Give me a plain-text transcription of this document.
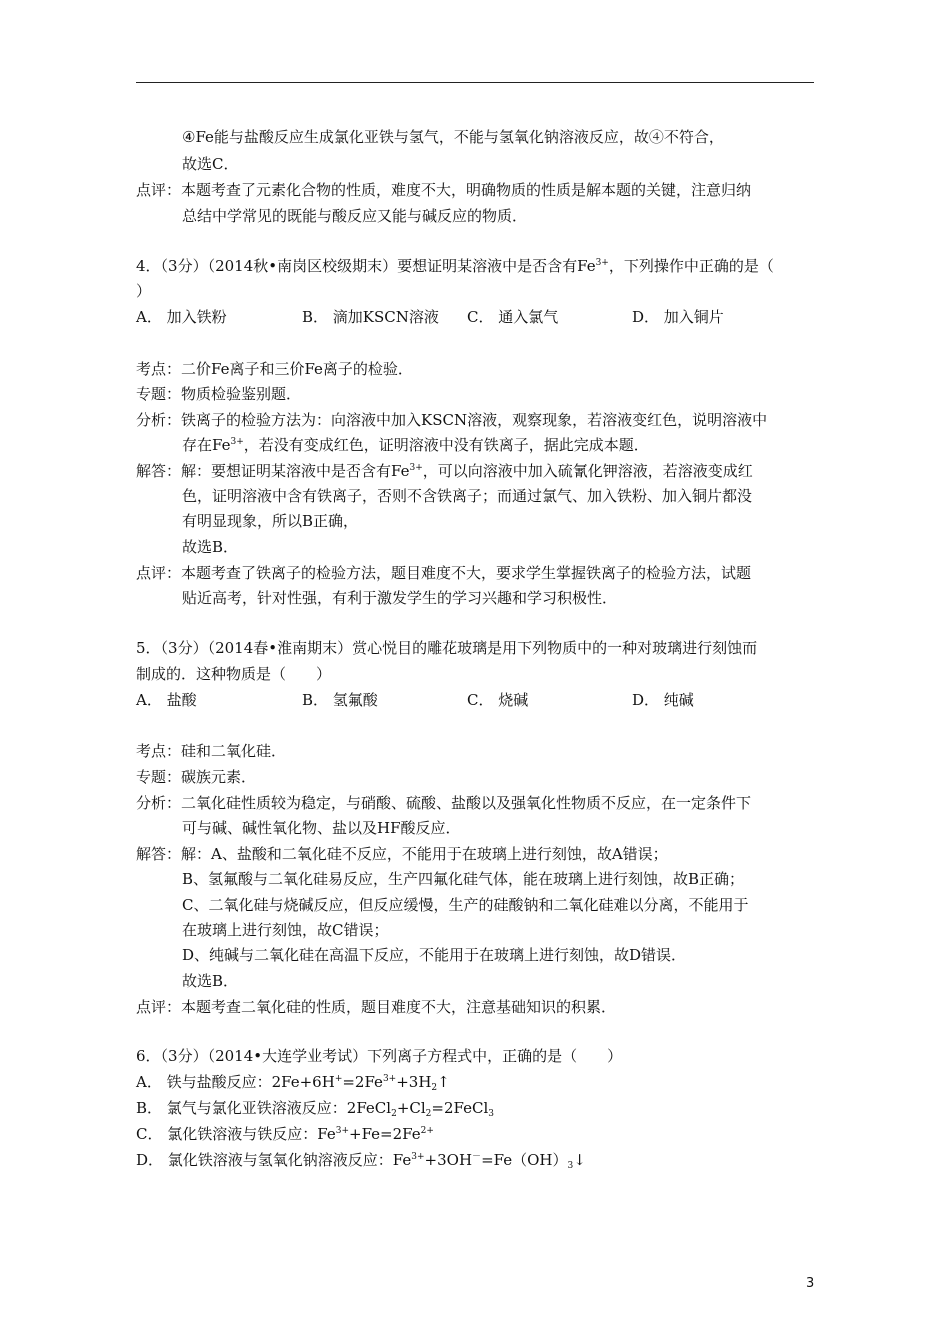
④Fe能与盐酸反应生成氯化亚铁与氢气，不能与氢氧化钠溶液反应，故④不符合，
故选C．
点评：本题考查了元素化合物的性质，难度不大，明确物质的性质是解本题的关键，注意归纳
总结中学常见的既能与酸反应又能与碱反应的物质．
4．（3分）（2014秋•南岗区校级期末）要想证明某溶液中是否含有$Fe^{3+}$，下列操作中正确的是（
）
A． 加入铁粉	B． 滴加KSCN溶液 C． 通入氯气	D． 加入铜片
考点：二价Fe离子和三价Fe离子的检验．
专题：物质检验鉴别题．
分析：铁离子的检验方法为：向溶液中加入KSCN溶液，观察现象，若溶液变红色，说明溶液中
存在$Fe^{3+}$，若没有变成红色，证明溶液中没有铁离子，据此完成本题．
解答：解：要想证明某溶液中是否含有$Fe^{3+}$，可以向溶液中加入硫氰化钾溶液，若溶液变成红
色，证明溶液中含有铁离子，否则不含铁离子；而通过氯气、加入铁粉、加入铜片都没
有明显现象，所以B正确，
故选B．
点评：本题考查了铁离子的检验方法，题目难度不大，要求学生掌握铁离子的检验方法，试题
贴近高考，针对性强，有利于激发学生的学习兴趣和学习积极性．
5．（3分）（2014春•淮南期末）赏心悦目的雕花玻璃是用下列物质中的一种对玻璃进行刻蚀而
制成的．这种物质是（　　）
A． 盐酸	B． 氢氟酸	C． 烧碱	D． 纯碱
考点：硅和二氧化硅．
专题：碳族元素．
分析：二氧化硅性质较为稳定，与硝酸、硫酸、盐酸以及强氧化性物质不反应，在一定条件下
可与碱、碱性氧化物、盐以及HF酸反应．
解答：解：A、盐酸和二氧化硅不反应，不能用于在玻璃上进行刻蚀，故A错误；
B、氢氟酸与二氧化硅易反应，生产四氟化硅气体，能在玻璃上进行刻蚀，故B正确；
C、二氧化硅与烧碱反应，但反应缓慢，生产的硅酸钠和二氧化硅难以分离，不能用于
在玻璃上进行刻蚀，故C错误；
D、纯碱与二氧化硅在高温下反应，不能用于在玻璃上进行刻蚀，故D错误．
故选B．
点评：本题考查二氧化硅的性质，题目难度不大，注意基础知识的积累．
6．（3分）（2014•大连学业考试）下列离子方程式中，正确的是（　　）
A． 铁与盐酸反应：$2Fe+6H^+=2Fe^{3+}+3H_2↑$
B． 氯气与氯化亚铁溶液反应：$2FeCl_2+Cl_2=2FeCl_3$
C． 氯化铁溶液与铁反应：$Fe^{3+}+Fe=2Fe^{2+}$
D． 氯化铁溶液与氢氧化钠溶液反应：$Fe^{3+}+3OH^-=Fe(OH)_3↓$
3
